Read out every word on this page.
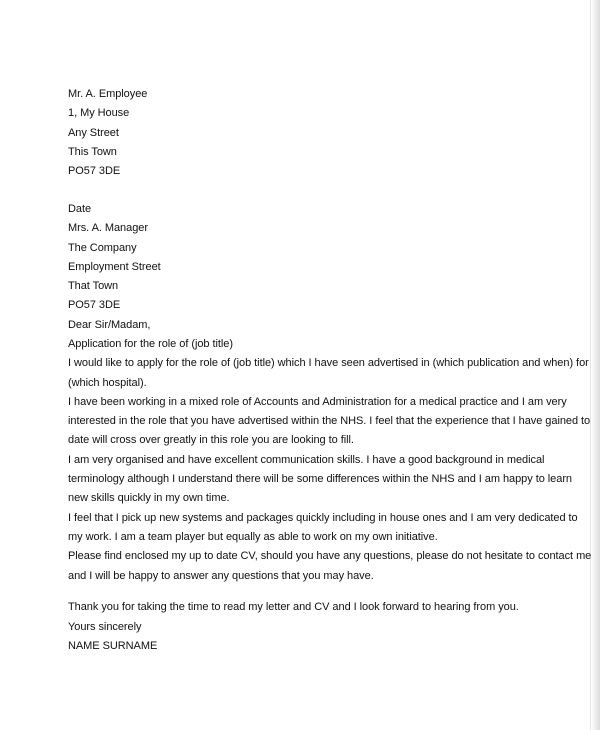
Mr. A. Employee
1, My House
Any Street
This Town
PO57 3DE
Date
Mrs. A. Manager
The Company
Employment Street
That Town
PO57 3DE
Dear Sir/Madam,
Application for the role of (job title)
I would like to apply for the role of (job title) which I have seen advertised in (which publication and when) for
(which hospital).
I have been working in a mixed role of Accounts and Administration for a medical practice and I am very
interested in the role that you have advertised within the NHS. I feel that the experience that I have gained to
date will cross over greatly in this role you are looking to fill.
I am very organised and have excellent communication skills. I have a good background in medical
terminology although I understand there will be some differences within the NHS and I am happy to learn
new skills quickly in my own time.
I feel that I pick up new systems and packages quickly including in house ones and I am very dedicated to
my work. I am a team player but equally as able to work on my own initiative.
Please find enclosed my up to date CV, should you have any questions, please do not hesitate to contact me
and I will be happy to answer any questions that you may have.
Thank you for taking the time to read my letter and CV and I look forward to hearing from you.
Yours sincerely
NAME SURNAME
